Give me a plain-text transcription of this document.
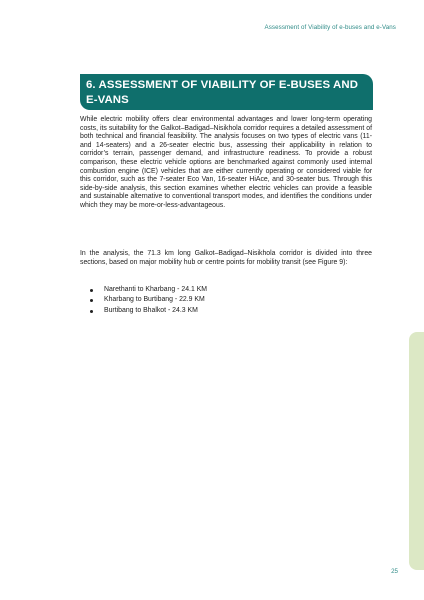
Assessment of Viability of e-buses and e-Vans
6. ASSESSMENT OF VIABILITY OF E-BUSES AND E-VANS

While electric mobility offers clear environmental advantages and lower long-term operating costs, its suitability for the Galkot–Badigad–Nisikhola corridor requires a detailed assessment of both technical and financial feasibility. The analysis focuses on two types of electric vans (11- and 14-seaters) and a 26-seater electric bus, assessing their applicability in relation to corridor’s terrain, passenger demand, and infrastructure readiness. To provide a robust comparison, these electric vehicle options are benchmarked against commonly used internal combustion engine (ICE) vehicles that are either currently operating or considered viable for this corridor, such as the 7-seater Eco Van, 16-seater HiAce, and 30-seater bus. Through this side-by-side analysis, this section examines whether electric vehicles can provide a feasible and sustainable alternative to conventional transport modes, and identifies the conditions under which they may be more-or-less-advantageous.

In the analysis, the 71.3 km long Galkot–Badigad–Nisikhola corridor is divided into three sections, based on major mobility hub or centre points for mobility transit (see Figure 9):

Narethanti to Kharbang - 24.1 KM
Kharbang to Burtibang - 22.9 KM
Burtibang to Bhalkot - 24.3 KM
25
